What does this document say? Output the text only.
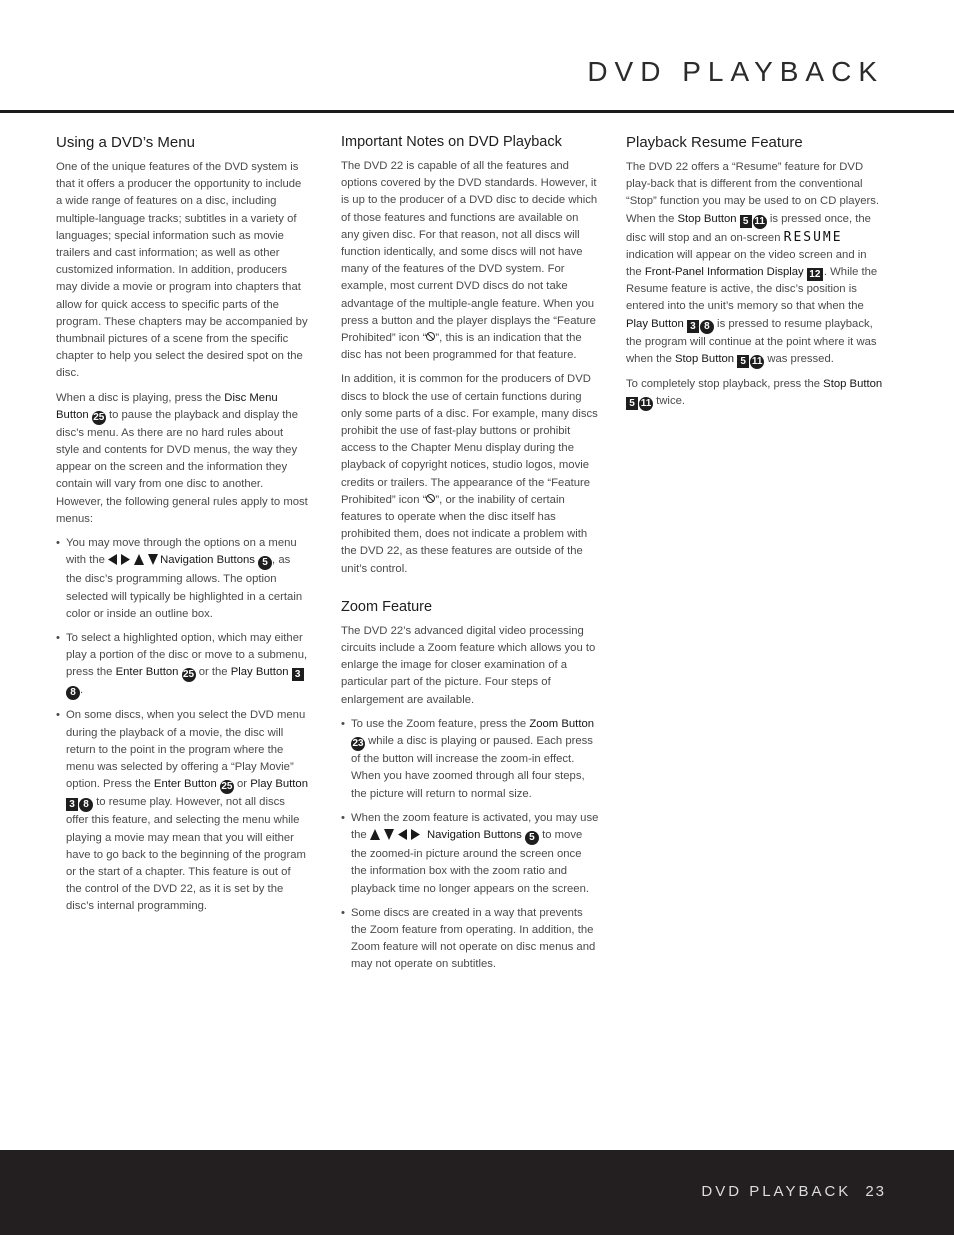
DVD PLAYBACK
Using a DVD’s Menu

One of the unique features of the DVD system is that it offers a producer the opportunity to include a wide range of features on a disc, including multiple-language tracks; subtitles in a variety of languages; special information such as movie trailers and cast information; as well as other customized information. In addition, producers may divide a movie or program into chapters that allow for quick access to specific parts of the program. These chapters may be accompanied by thumbnail pictures of a scene from the specific chapter to help you select the desired spot on the disc.

When a disc is playing, press the Disc Menu Button 25 to pause the playback and display the disc’s menu. As there are no hard rules about style and contents for DVD menus, the way they appear on the screen and the information they contain will vary from one disc to another. However, the following general rules apply to most menus:

• You may move through the options on a menu with the	Navigation Buttons 5 , as the disc’s programming allows. The option selected will typically be highlighted in a certain color or inside an outline box.
• To select a highlighted option, which may either play a portion of the disc or move to a submenu, press the Enter Button 25 or the Play Button 38 .
• On some discs, when you select the DVD menu during the playback of a movie, the disc will return to the point in the program where the menu was selected by offering a “Play Movie” option. Press the Enter Button 25 or Play Button 3 8 to resume play. However, not all discs offer this feature, and selecting the menu while playing a movie may mean that you will either have to go back to the beginning of the program or the start of a chapter. This feature is out of the control of the DVD 22, as it is set by the disc’s internal programming.
Important Notes on DVD Playback

The DVD 22 is capable of all the features and options covered by the DVD standards. However, it is up to the producer of a DVD disc to decide which of those features and functions are available on any given disc. For that reason, not all discs will function identically, and some discs will not have many of the features of the DVD system. For example, most current DVD discs do not take advantage of the multiple-angle feature. When you press a button and the player displays the “Feature Prohibited” icon “ ”, this is an indication that the disc has not been programmed for that feature.

In addition, it is common for the producers of DVD discs to block the use of certain functions during only some parts of a disc. For example, many discs prohibit the use of fast-play buttons or prohibit access to the Chapter Menu display during the playback of copyright notices, studio logos, movie credits or trailers. The appearance of the “Feature Prohibited” icon “ ”, or the inability of certain features to operate when the disc itself has prohibited them, does not indicate a problem with the DVD 22, as these features are outside of the unit’s control.

Zoom Feature

The DVD 22’s advanced digital video processing circuits include a Zoom feature which allows you to enlarge the image for closer examination of a particular part of the picture. Four steps of enlargement are available.

• To use the Zoom feature, press the Zoom Button 23 while a disc is playing or paused. Each press of the button will increase the zoom-in effect. When you have zoomed through all four steps, the picture will return to normal size.
• When the zoom feature is activated, you may use the	Navigation Buttons 5 to move the zoomed-in picture around the screen once the information box with the zoom ratio and playback time no longer appears on the screen.
• Some discs are created in a way that prevents the Zoom feature from operating. In addition, the Zoom feature will not operate on disc menus and may not operate on subtitles.
Playback Resume Feature

The DVD 22 offers a “Resume” feature for DVD play-back that is different from the conventional “Stop” function you may be used to on CD players. When the Stop Button 5 11 is pressed once, the disc will stop and an on-screen RESUME indication will appear on the video screen and in the Front-Panel Information Display 12 . While the Resume feature is active, the disc’s position is entered into the unit’s memory so that when the Play Button 3 8 is pressed to resume playback, the program will continue at the point where it was when the Stop Button 5 11 was pressed.

To completely stop playback, press the Stop Button 5 11 twice.

DVD PLAYBACK 23
